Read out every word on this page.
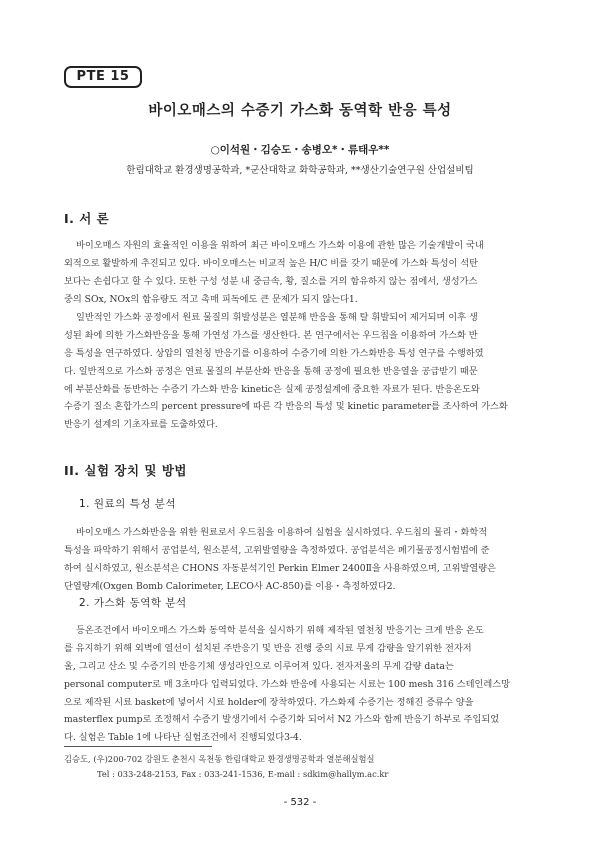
PTE 15
바이오매스의 수증기 가스화 동역학 반응 특성
○이석원・김승도・송병오*・류태우**
한림대학교 환경생명공학과, *군산대학교 화학공학과, **생산기술연구원 산업설비팀
I. 서 론
바이오매스 자원의 효율적인 이용을 위하여 최근 바이오매스 가스화 이용에 관한 많은 기술개발이 국내
외적으로 활발하게 추진되고 있다. 바이오매스는 비교적 높은 H/C 비를 갖기 때문에 가스화 특성이 석탄
보다는 손쉽다고 할 수 있다. 또한 구성 성분 내 중금속, 황, 질소를 거의 함유하지 않는 점에서, 생성가스
중의 SOx, NOx의 함유량도 적고 촉매 피독에도 큰 문제가 되지 않는다1.
일반적인 가스화 공정에서 원료 물질의 휘발성분은 열분해 반응을 통해 탈 휘발되어 제거되며 이후 생
성된 촤에 의한 가스화반응을 통해 가연성 가스를 생산한다. 본 연구에서는 우드칩을 이용하여 가스화 반
응 특성을 연구하였다. 상압의 열천칭 반응기를 이용하여 수증기에 의한 가스화반응 특성 연구를 수행하였
다. 일반적으로 가스화 공정은 연료 물질의 부분산화 반응을 통해 공정에 필요한 반응열을 공급받기 때문
에 부분산화를 동반하는 수증기 가스화 반응 kinetic은 실제 공정설계에 중요한 자료가 된다. 반응온도와
수증기 질소 혼합가스의 percent pressure에 따른 각 반응의 특성 및 kinetic parameter를 조사하여 가스화
반응기 설계의 기초자료를 도출하였다.
II. 실험 장치 및 방법
1. 원료의 특성 분석
바이오매스 가스화반응을 위한 원료로서 우드칩을 이용하여 실험을 실시하였다. 우드칩의 물리・화학적
특성을 파악하기 위해서 공업분석, 원소분석, 고위발열량을 측정하였다. 공업분석은 폐기물공정시험법에 준
하여 실시하였고, 원소분석은 CHONS 자동분석기인 Perkin Elmer 2400Ⅱ을 사용하였으며, 고위발열량은
단열량계(Oxgen Bomb Calorimeter, LECO사 AC-850)를 이용・측정하였다2.
2. 가스화 동역학 분석
등온조건에서 바이오매스 가스화 동역학 분석을 실시하기 위해 제작된 열천칭 반응기는 크게 반응 온도
를 유지하기 위해 외벽에 열선이 설치된 주반응기 및 반응 진행 중의 시료 무게 감량을 알기위한 전자저
울, 그리고 산소 및 수증기의 반응기체 생성라인으로 이루어져 있다. 전자저울의 무게 감량 data는
personal computer로 매 3초마다 입력되었다. 가스화 반응에 사용되는 시료는 100 mesh 316 스테인레스망
으로 제작된 시료 basket에 넣어서 시료 holder에 장착하였다. 가스화제 수증기는 정해진 증류수 양을
masterflex pump로 조정해서 수증기 발생기에서 수증기화 되어서 N2 가스와 함께 반응기 하부로 주입되었
다. 실험은 Table 1에 나타난 실험조건에서 진행되었다3-4.
김승도, (우)200-702 강원도 춘천시 옥천동 한림대학교 환경생명공학과 열분해실험실
Tel : 033-248-2153, Fax : 033-241-1536, E-mail : sdkim@hallym.ac.kr
- 532 -
